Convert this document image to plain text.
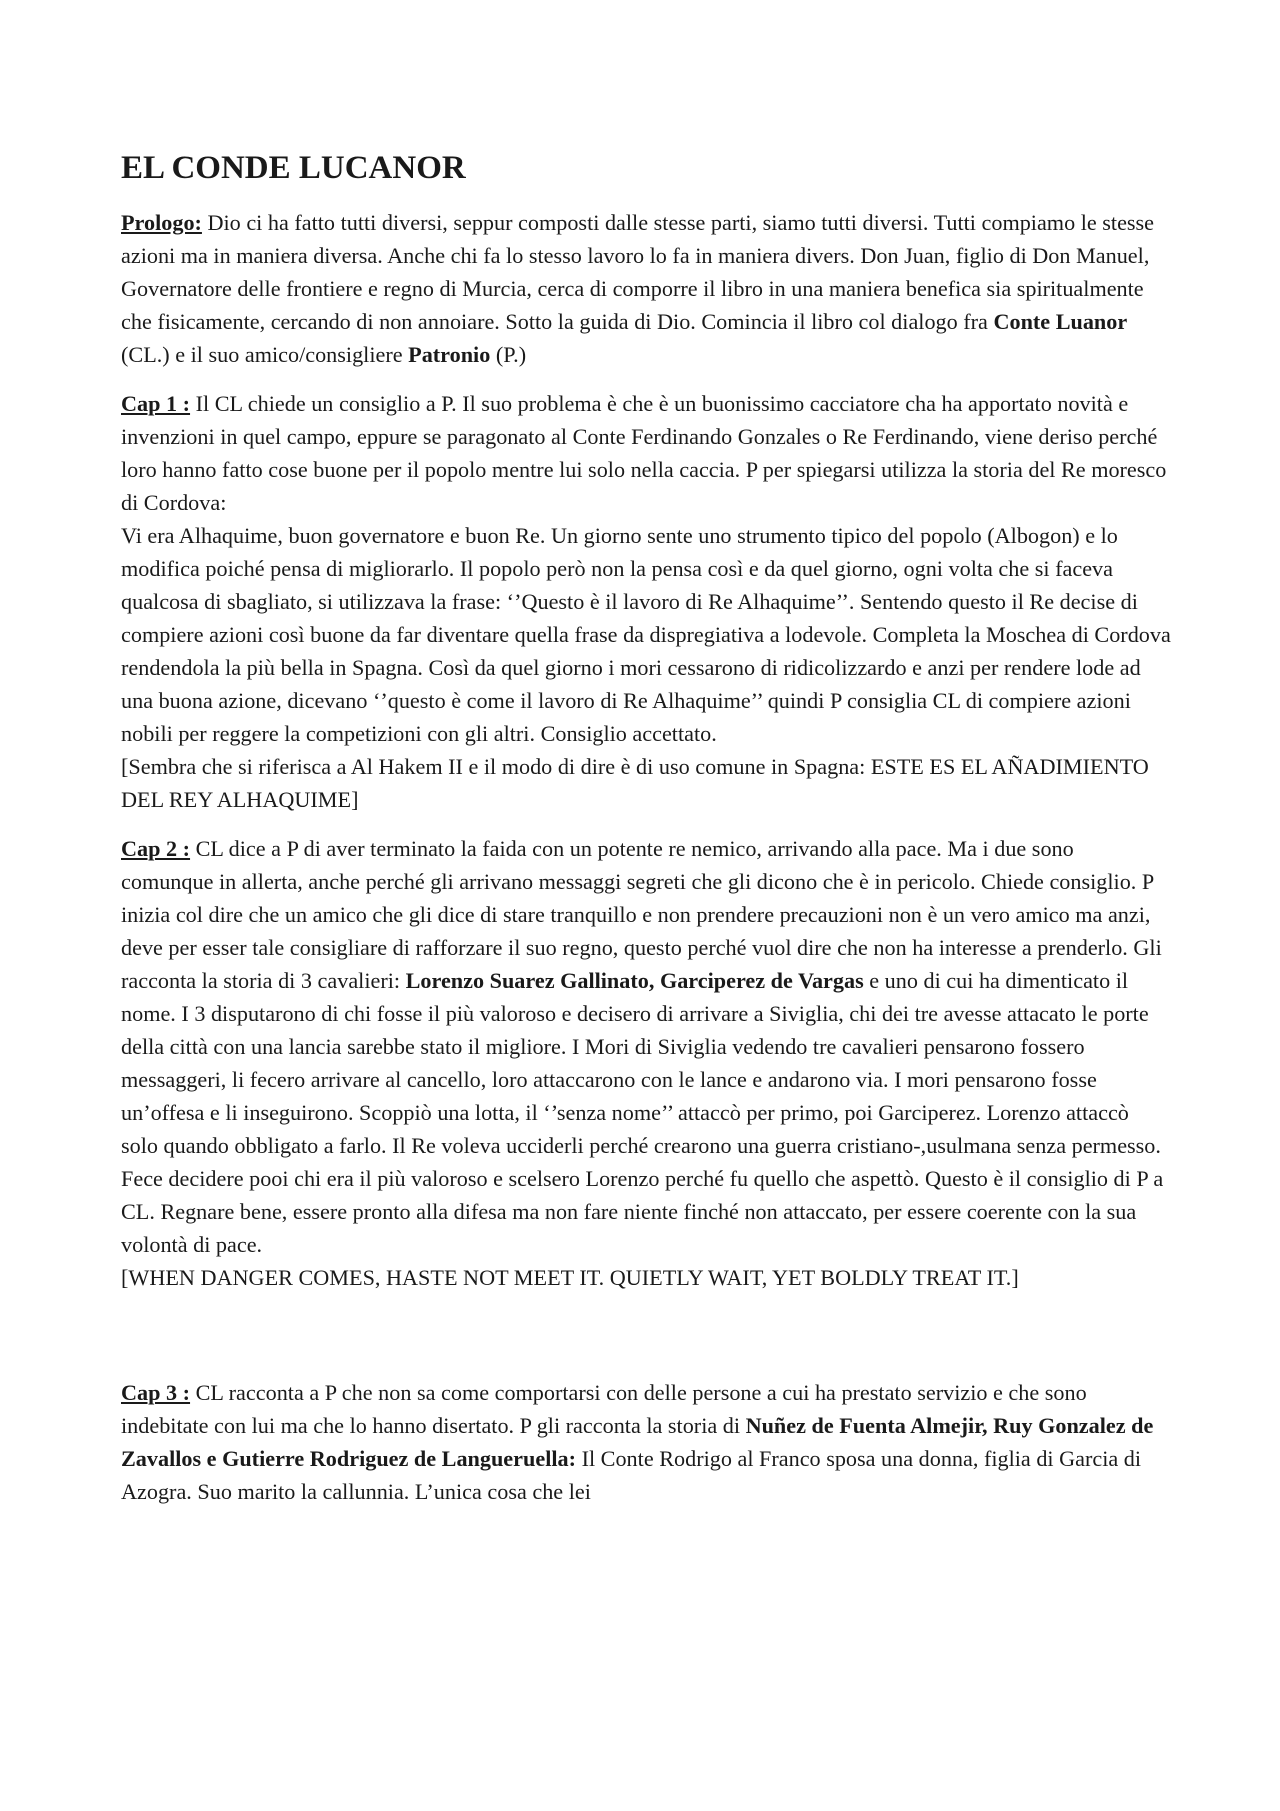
EL CONDE LUCANOR

Prologo: Dio ci ha fatto tutti diversi, seppur composti dalle stesse parti, siamo tutti diversi. Tutti compiamo le stesse azioni ma in maniera diversa. Anche chi fa lo stesso lavoro lo fa in maniera divers. Don Juan, figlio di Don Manuel, Governatore delle frontiere e regno di Murcia, cerca di comporre il libro in una maniera benefica sia spiritualmente che fisicamente, cercando di non annoiare. Sotto la guida di Dio. Comincia il libro col dialogo fra Conte Luanor (CL.) e il suo amico/consigliere Patronio (P.)

Cap 1 : Il CL chiede un consiglio a P. Il suo problema è che è un buonissimo cacciatore cha ha apportato novità e invenzioni in quel campo, eppure se paragonato al Conte Ferdinando Gonzales o Re Ferdinando, viene deriso perché loro hanno fatto cose buone per il popolo mentre lui solo nella caccia. P per spiegarsi utilizza la storia del Re moresco di Cordova:

Vi era Alhaquime, buon governatore e buon Re. Un giorno sente uno strumento tipico del popolo (Albogon) e lo modifica poiché pensa di migliorarlo. Il popolo però non la pensa così e da quel giorno, ogni volta che si faceva qualcosa di sbagliato, si utilizzava la frase: ‘’Questo è il lavoro di Re Alhaquime’’. Sentendo questo il Re decise di compiere azioni così buone da far diventare quella frase da dispregiativa a lodevole. Completa la Moschea di Cordova rendendola la più bella in Spagna. Così da quel giorno i mori cessarono di ridicolizzardo e anzi per rendere lode ad una buona azione, dicevano ‘’questo è come il lavoro di Re Alhaquime’’ quindi P consiglia CL di compiere azioni nobili per reggere la competizioni con gli altri. Consiglio accettato.

[Sembra che si riferisca a Al Hakem II e il modo di dire è di uso comune in Spagna: ESTE ES EL AÑADIMIENTO DEL REY ALHAQUIME]

Cap 2 : CL dice a P di aver terminato la faida con un potente re nemico, arrivando alla pace. Ma i due sono comunque in allerta, anche perché gli arrivano messaggi segreti che gli dicono che è in pericolo. Chiede consiglio. P inizia col dire che un amico che gli dice di stare tranquillo e non prendere precauzioni non è un vero amico ma anzi, deve per esser tale consigliare di rafforzare il suo regno, questo perché vuol dire che non ha interesse a prenderlo. Gli racconta la storia di 3 cavalieri: Lorenzo Suarez Gallinato, Garciperez de Vargas e uno di cui ha dimenticato il nome. I 3 disputarono di chi fosse il più valoroso e decisero di arrivare a Siviglia, chi dei tre avesse attacato le porte della città con una lancia sarebbe stato il migliore. I Mori di Siviglia vedendo tre cavalieri pensarono fossero messaggeri, li fecero arrivare al cancello, loro attaccarono con le lance e andarono via. I mori pensarono fosse un’offesa e li inseguirono. Scoppiò una lotta, il ‘’senza nome’’ attaccò per primo, poi Garciperez. Lorenzo attaccò solo quando obbligato a farlo. Il Re voleva ucciderli perché crearono una guerra cristiano-,usulmana senza permesso. Fece decidere pooi chi era il più valoroso e scelsero Lorenzo perché fu quello che aspettò. Questo è il consiglio di P a CL. Regnare bene, essere pronto alla difesa ma non fare niente finché non attaccato, per essere coerente con la sua volontà di pace.

[WHEN DANGER COMES, HASTE NOT MEET IT. QUIETLY WAIT, YET BOLDLY TREAT IT.]

Cap 3 : CL racconta a P che non sa come comportarsi con delle persone a cui ha prestato servizio e che sono indebitate con lui ma che lo hanno disertato. P gli racconta la storia di Nuñez de Fuenta Almejir, Ruy Gonzalez de Zavallos e Gutierre Rodriguez de Langueruella: Il Conte Rodrigo al Franco sposa una donna, figlia di Garcia di Azogra. Suo marito la callunnia. L’unica cosa che lei
